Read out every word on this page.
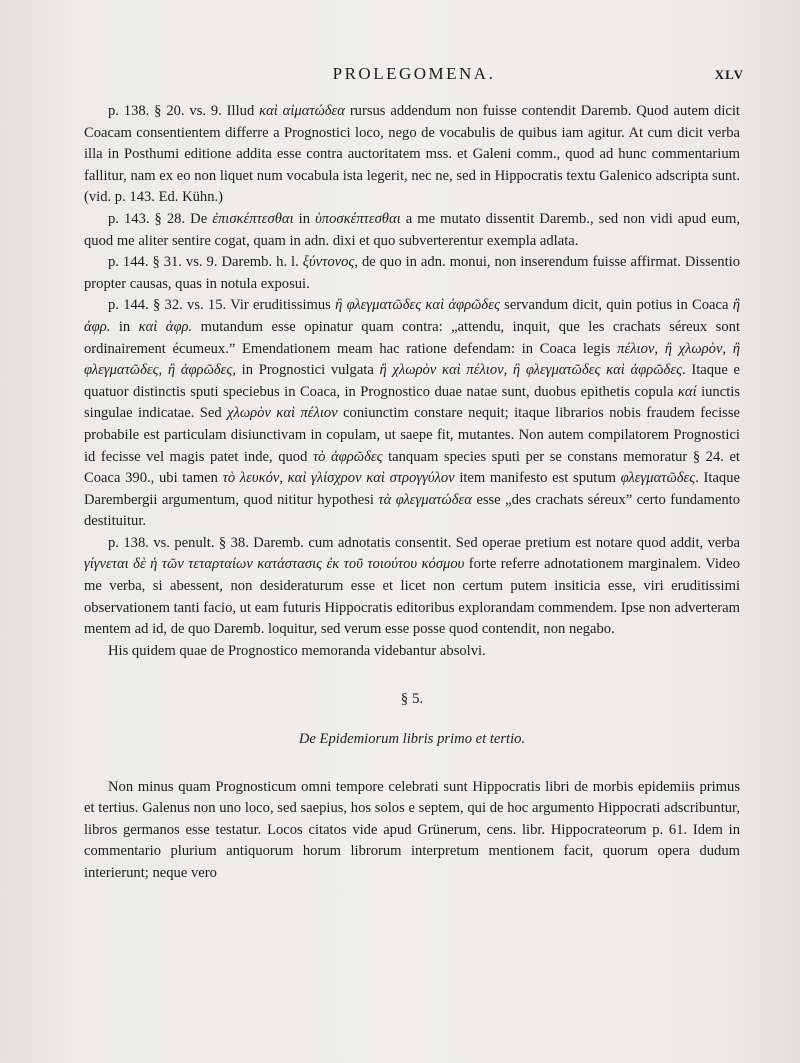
PROLEGOMENA.	XLV

p. 138. § 20. vs. 9. Illud καὶ αἱματώδεα rursus addendum non fuisse contendit Daremb. Quod autem dicit Coacam consentientem differre a Prognostici loco, nego de vocabulis de quibus iam agitur. At cum dicit verba illa in Posthumi editione addita esse contra auctoritatem mss. et Galeni comm., quod ad hunc commentarium fallitur, nam ex eo non liquet num vocabula ista legerit, nec ne, sed in Hippocratis textu Galenico adscripta sunt. (vid. p. 143. Ed. Kühn.)

p. 143. § 28. De ἐπισκέπτεσθαι in ὑποσκέπτεσθαι a me mutato dissentit Daremb., sed non vidi apud eum, quod me aliter sentire cogat, quam in adn. dixi et quo subverterentur exempla adlata.

p. 144. § 31. vs. 9. Daremb. h. l. ξύντονος, de quo in adn. monui, non inserendum fuisse affirmat. Dissentio propter causas, quas in notula exposui.

p. 144. § 32. vs. 15. Vir eruditissimus ἢ φλεγματῶδες καὶ ἀφρῶδες servandum dicit, quin potius in Coaca ἢ ἀφρ. in καὶ ἀφρ. mutandum esse opinatur quam contra: „attendu, inquit, que les crachats séreux sont ordinairement écumeux.” Emendationem meam hac ratione defendam: in Coaca legis πέλιον, ἢ χλωρὸν, ἢ φλεγματῶδες, ἢ ἀφρῶδες, in Prognostici vulgata ἢ χλωρὸν καὶ πέλιον, ἢ φλεγματῶδες καὶ ἀφρῶδες. Itaque e quatuor distinctis sputi speciebus in Coaca, in Prognostico duae natae sunt, duobus epithetis copula καί iunctis singulae indicatae. Sed χλωρὸν καὶ πέλιον coniunctim constare nequit; itaque librarios nobis fraudem fecisse probabile est particulam disiunctivam in copulam, ut saepe fit, mutantes. Non autem compilatorem Prognostici id fecisse vel magis patet inde, quod τὸ ἀφρῶδες tanquam species sputi per se constans memoratur § 24. et Coaca 390., ubi tamen τὸ λευκόν, καὶ γλίσχρον καὶ στρογγύλον item manifesto est sputum φλεγματῶδες. Itaque Darembergii argumentum, quod nititur hypothesi τὰ φλεγματώδεα esse „des crachats séreux” certo fundamento destituitur.

p. 138. vs. penult. § 38. Daremb. cum adnotatis consentit. Sed operae pretium est notare quod addit, verba γίγνεται δὲ ἡ τῶν τεταρταίων κατάστασις ἐκ τοῦ τοιούτου κόσμου forte referre adnotationem marginalem. Video me verba, si abessent, non desideraturum esse et licet non certum putem insiticia esse, viri eruditissimi observationem tanti facio, ut eam futuris Hippocratis editoribus explorandam commendem. Ipse non adverteram mentem ad id, de quo Daremb. loquitur, sed verum esse posse quod contendit, non negabo.

His quidem quae de Prognostico memoranda videbantur absolvi.

§ 5.

De Epidemiorum libris primo et tertio.

Non minus quam Prognosticum omni tempore celebrati sunt Hippocratis libri de morbis epidemiis primus et tertius. Galenus non uno loco, sed saepius, hos solos e septem, qui de hoc argumento Hippocrati adscribuntur, libros germanos esse testatur. Locos citatos vide apud Grünerum, cens. libr. Hippocrateorum p. 61. Idem in commentario plurium antiquorum horum librorum interpretum mentionem facit, quorum opera dudum interierunt; neque vero
